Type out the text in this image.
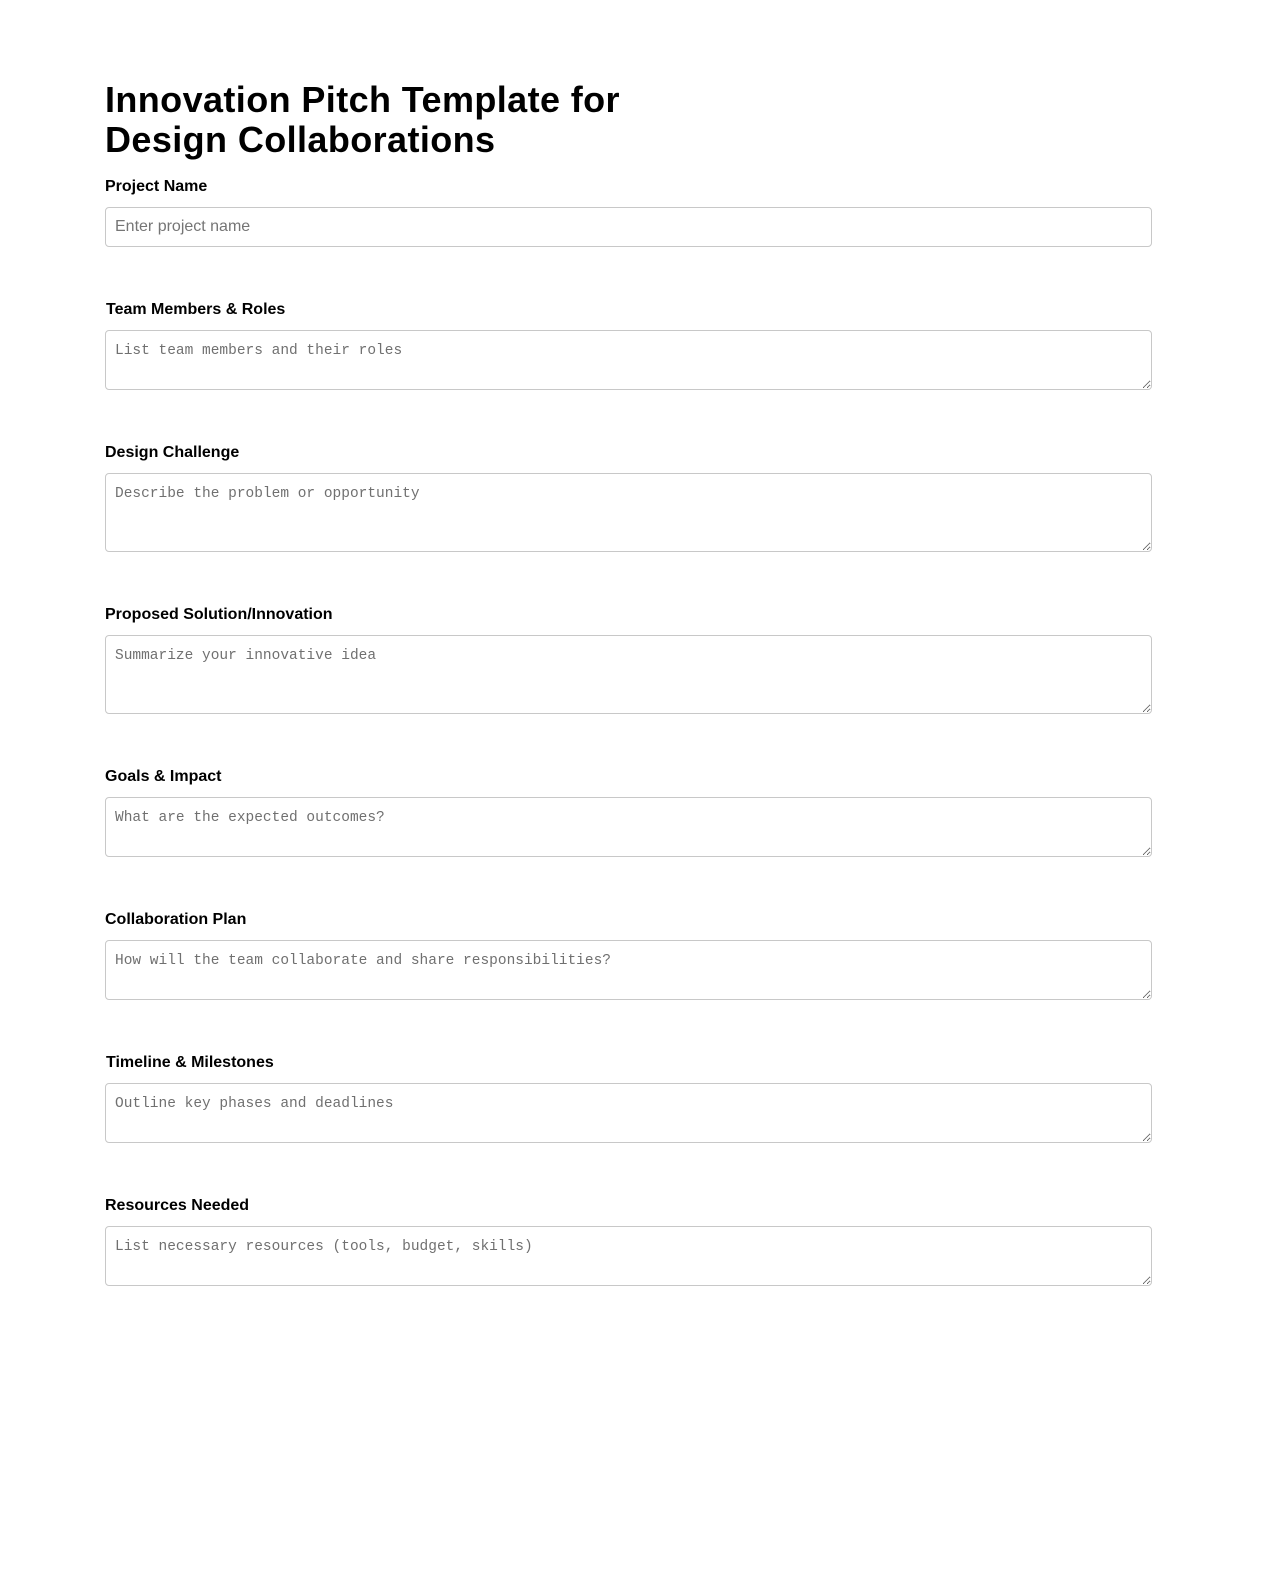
Innovation Pitch Template for Design Collaborations
Project Name
Enter project name
Team Members & Roles
List team members and their roles
Design Challenge
Describe the problem or opportunity
Proposed Solution/Innovation
Summarize your innovative idea
Goals & Impact
What are the expected outcomes?
Collaboration Plan
How will the team collaborate and share responsibilities?
Timeline & Milestones
Outline key phases and deadlines
Resources Needed
List necessary resources (tools, budget, skills)
